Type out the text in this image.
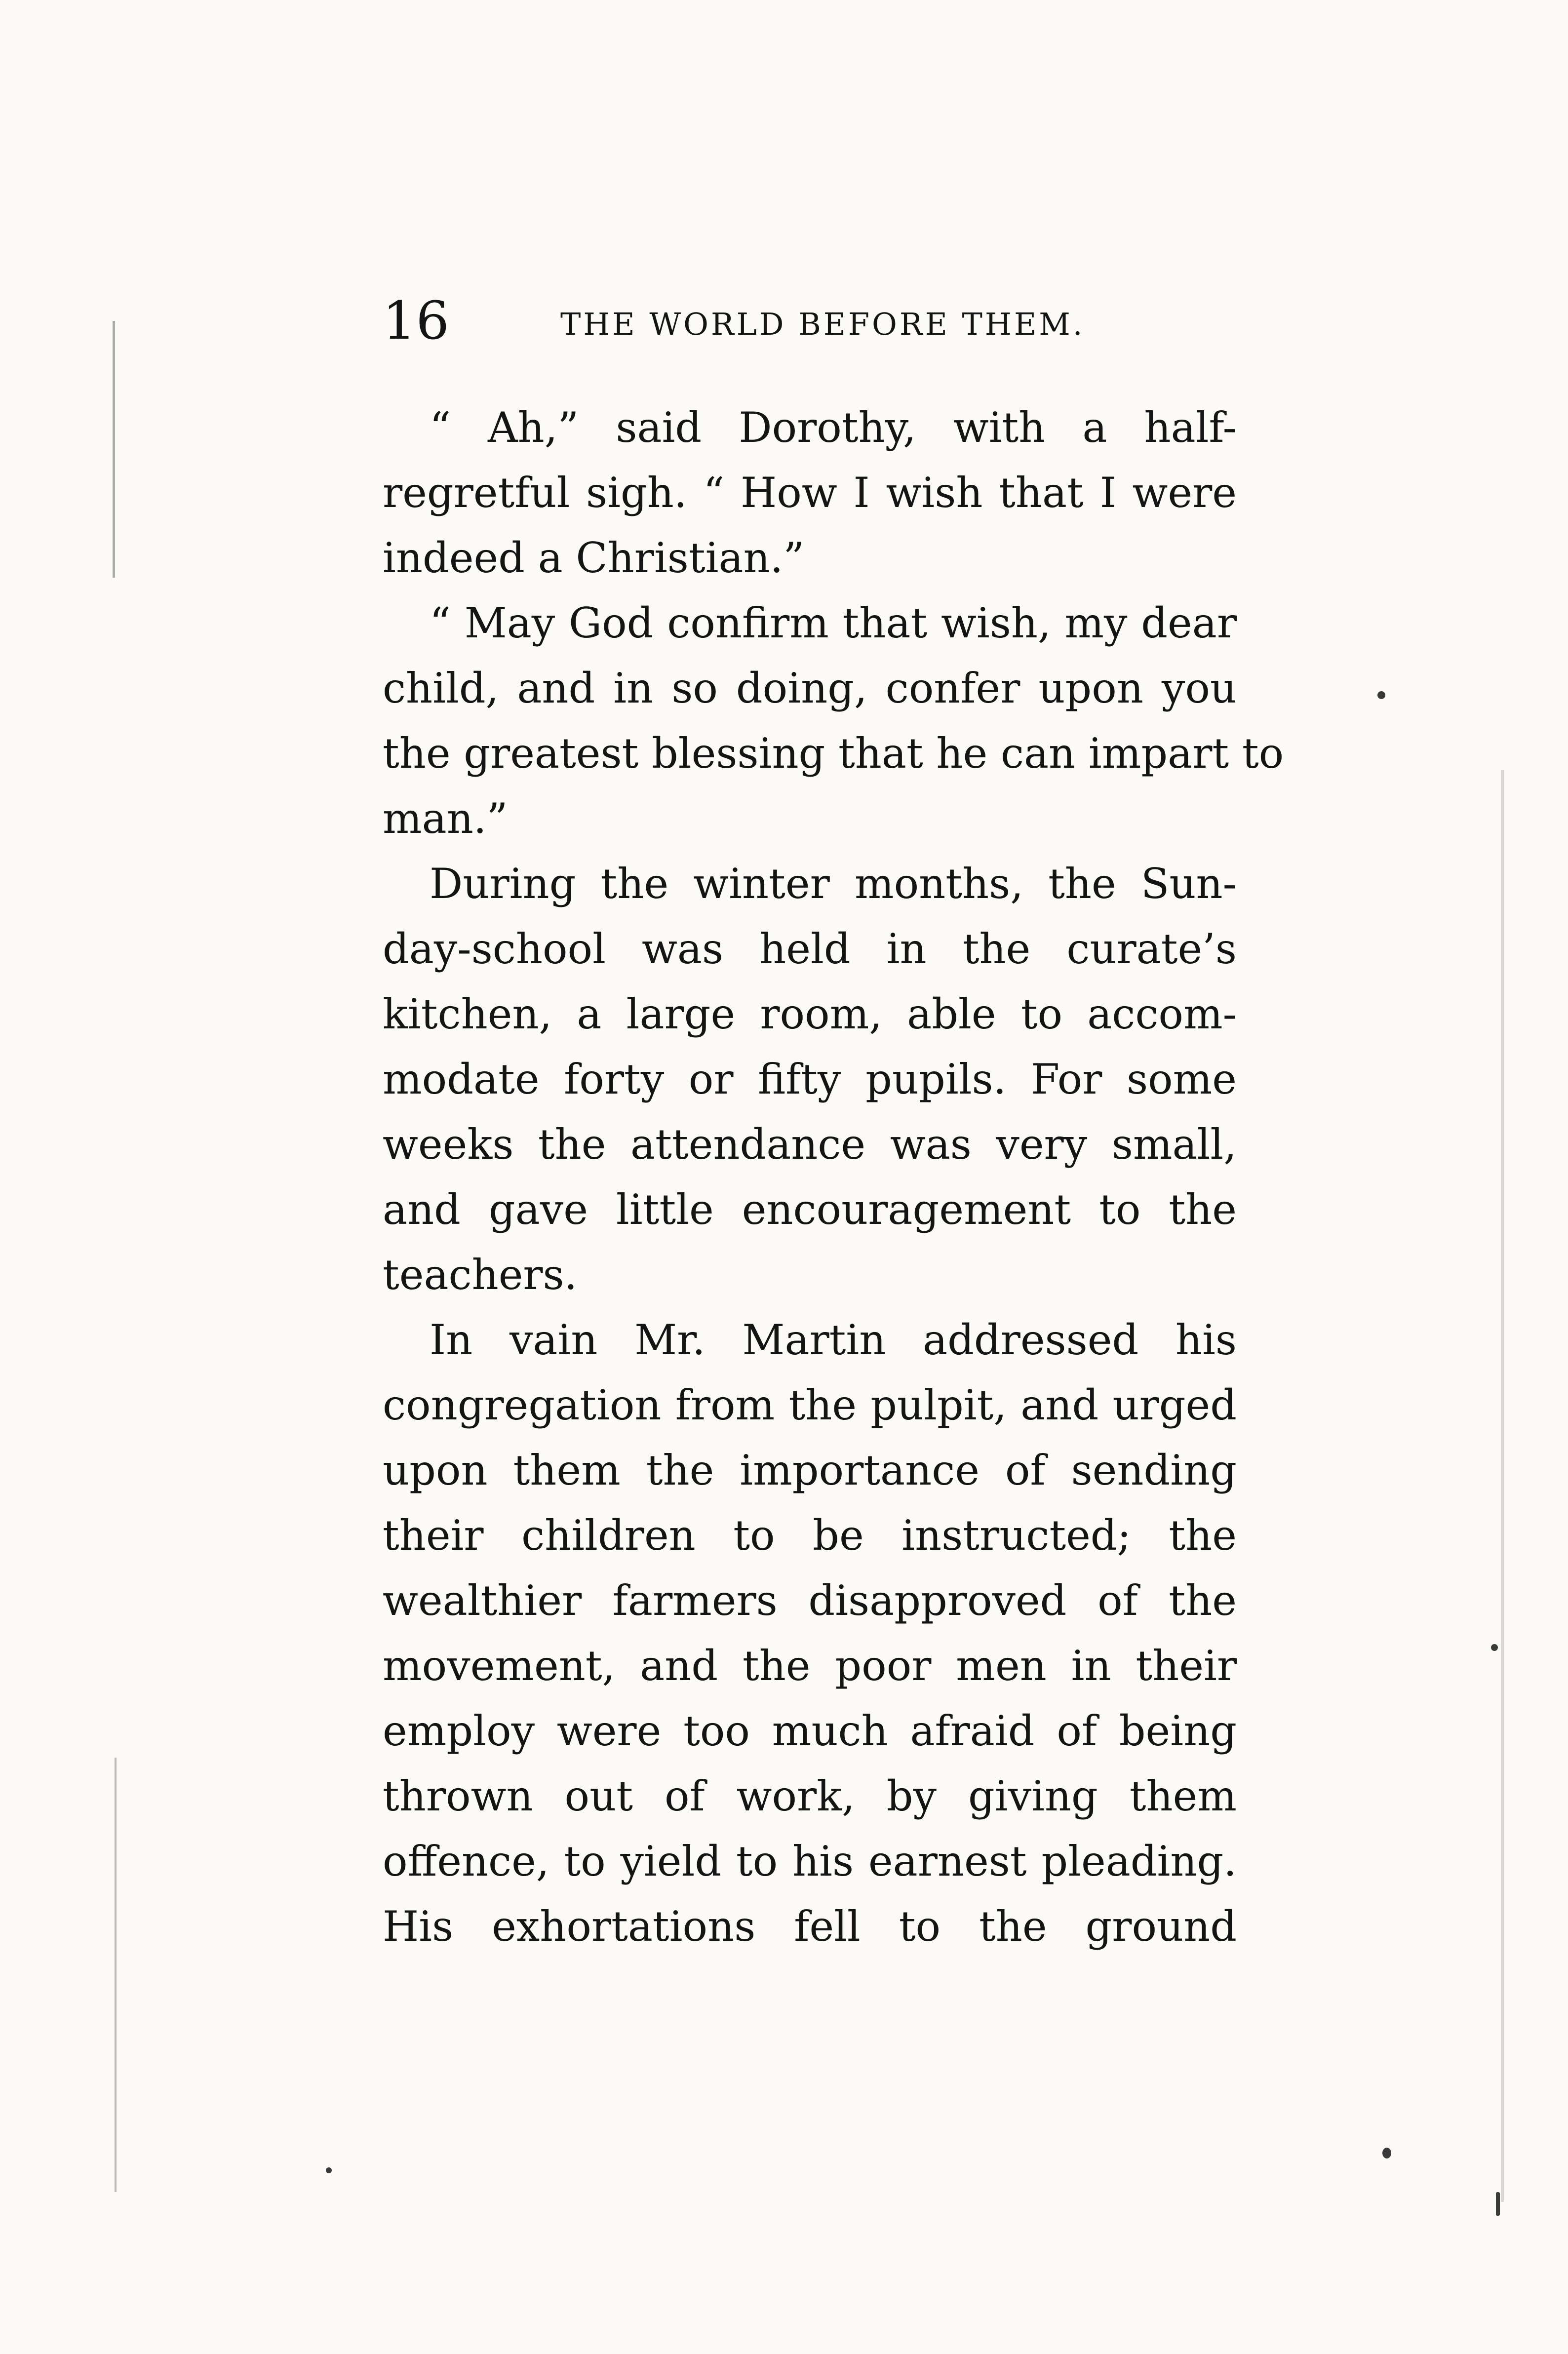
16	THE WORLD BEFORE THEM.

“ Ah,” said Dorothy, with a half-
regretful sigh. “ How I wish that I were
indeed a Christian.”

“ May God confirm that wish, my dear
child, and in so doing, confer upon you
the greatest blessing that he can impart to
man.”

During the winter months, the Sun-
day-school was held in the curate’s
kitchen, a large room, able to accom-
modate forty or fifty pupils. For some
weeks the attendance was very small,
and gave little encouragement to the
teachers.

In vain Mr. Martin addressed his
congregation from the pulpit, and urged
upon them the importance of sending
their children to be instructed; the
wealthier farmers disapproved of the
movement, and the poor men in their
employ were too much afraid of being
thrown out of work, by giving them
offence, to yield to his earnest pleading.
His exhortations fell to the ground
